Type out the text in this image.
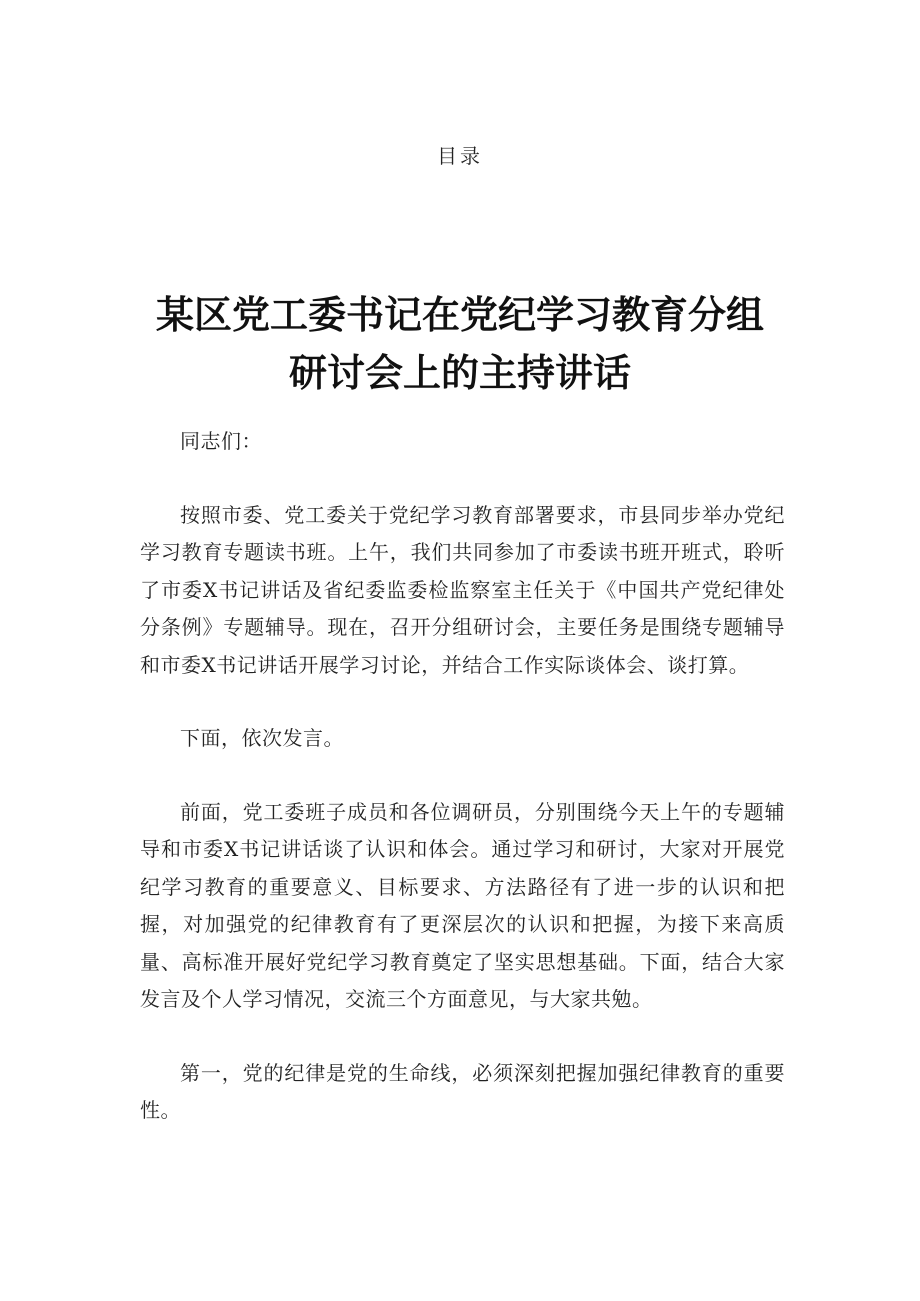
目录
某区党工委书记在党纪学习教育分组研讨会上的主持讲话

同志们：

按照市委、党工委关于党纪学习教育部署要求，市县同步举办党纪学习教育专题读书班。上午，我们共同参加了市委读书班开班式，聆听了市委X书记讲话及省纪委监委检监察室主任关于《中国共产党纪律处分条例》专题辅导。现在，召开分组研讨会，主要任务是围绕专题辅导和市委X书记讲话开展学习讨论，并结合工作实际谈体会、谈打算。

下面，依次发言。

前面，党工委班子成员和各位调研员，分别围绕今天上午的专题辅导和市委X书记讲话谈了认识和体会。通过学习和研讨，大家对开展党纪学习教育的重要意义、目标要求、方法路径有了进一步的认识和把握，对加强党的纪律教育有了更深层次的认识和把握，为接下来高质量、高标准开展好党纪学习教育奠定了坚实思想基础。下面，结合大家发言及个人学习情况，交流三个方面意见，与大家共勉。

第一，党的纪律是党的生命线，必须深刻把握加强纪律教育的重要性。
